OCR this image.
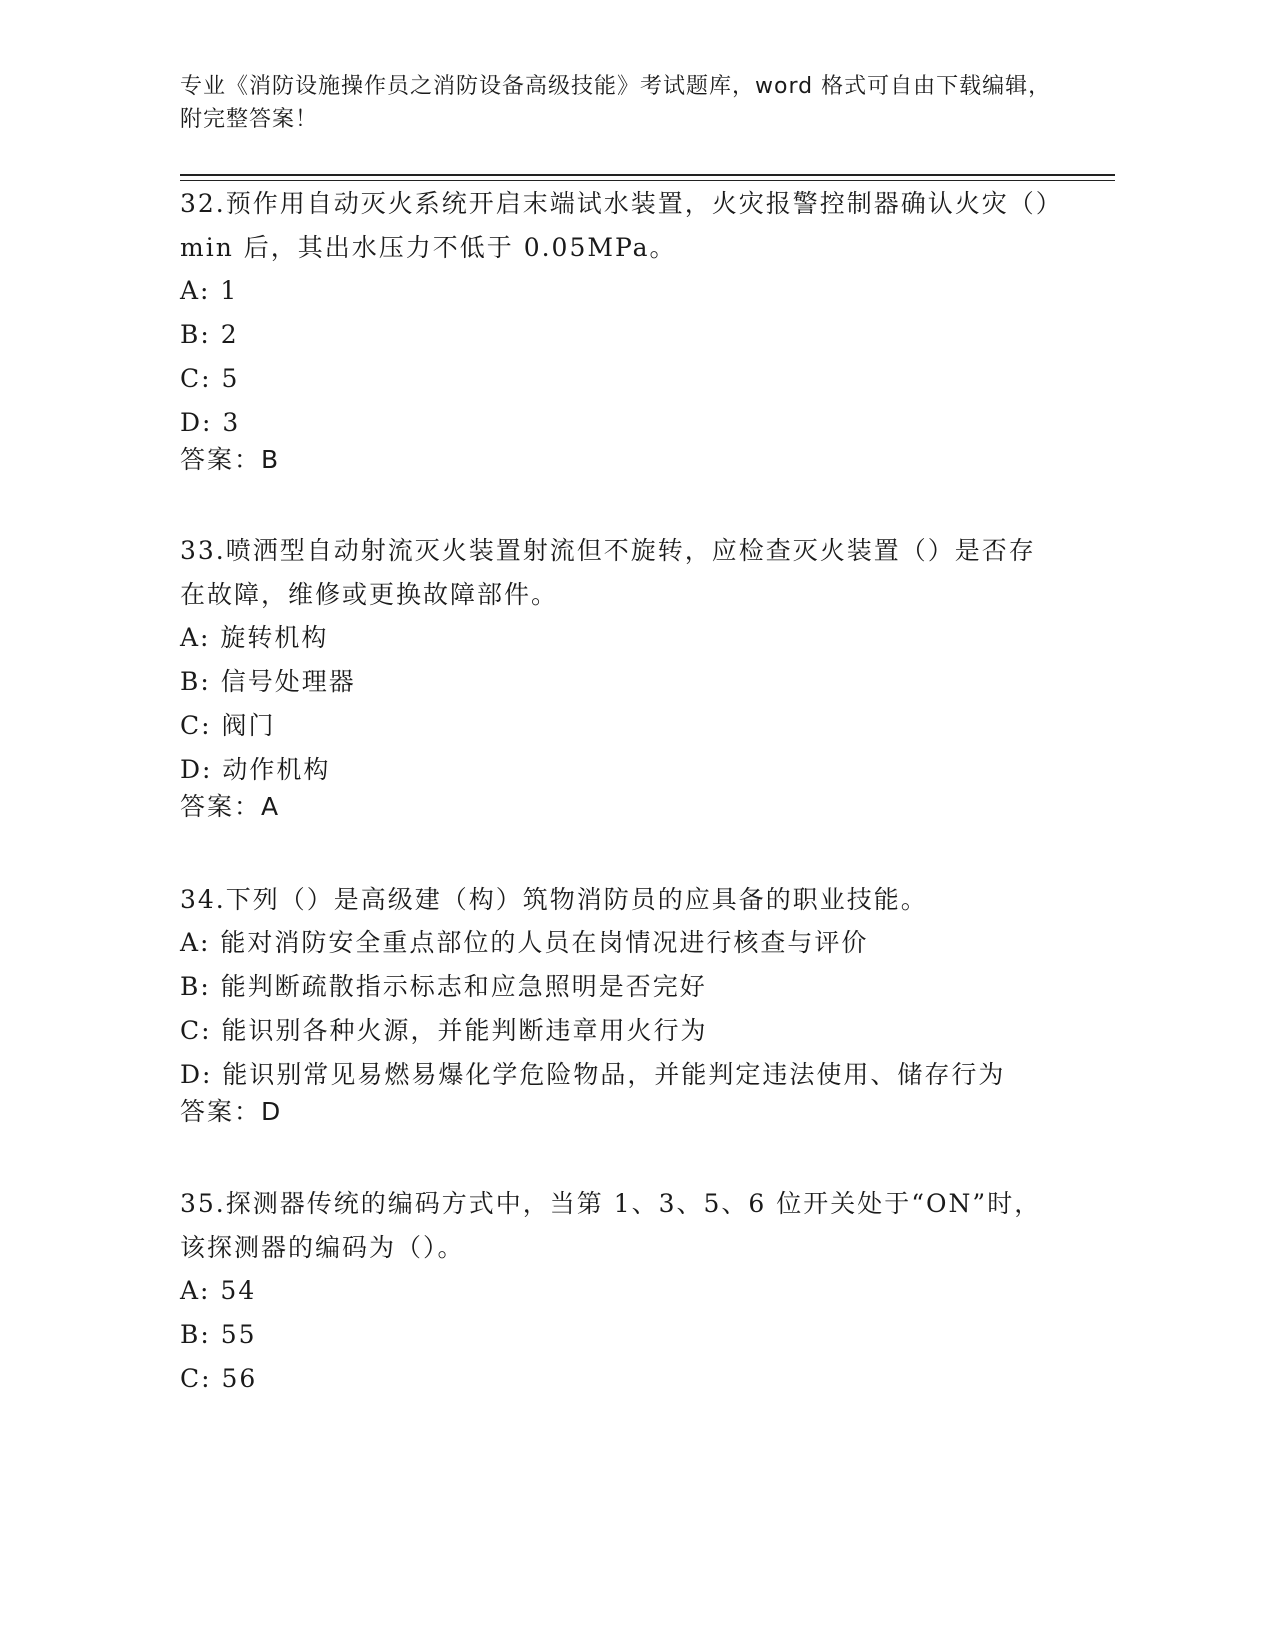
专业《消防设施操作员之消防设备高级技能》考试题库，word 格式可自由下载编辑，附完整答案！

32.预作用自动灭火系统开启末端试水装置，火灾报警控制器确认火灾（）min 后，其出水压力不低于 0.05MPa。

A: 1

B: 2

C: 5

D: 3

答案：B

33.喷洒型自动射流灭火装置射流但不旋转，应检查灭火装置（）是否存在故障，维修或更换故障部件。

A: 旋转机构

B: 信号处理器

C: 阀门

D: 动作机构

答案：A

34.下列（）是高级建（构）筑物消防员的应具备的职业技能。

A: 能对消防安全重点部位的人员在岗情况进行核查与评价

B: 能判断疏散指示标志和应急照明是否完好

C: 能识别各种火源，并能判断违章用火行为

D: 能识别常见易燃易爆化学危险物品，并能判定违法使用、储存行为

答案：D

35.探测器传统的编码方式中，当第 1、3、5、6 位开关处于“ON”时，该探测器的编码为（）。

A: 54

B: 55

C: 56
